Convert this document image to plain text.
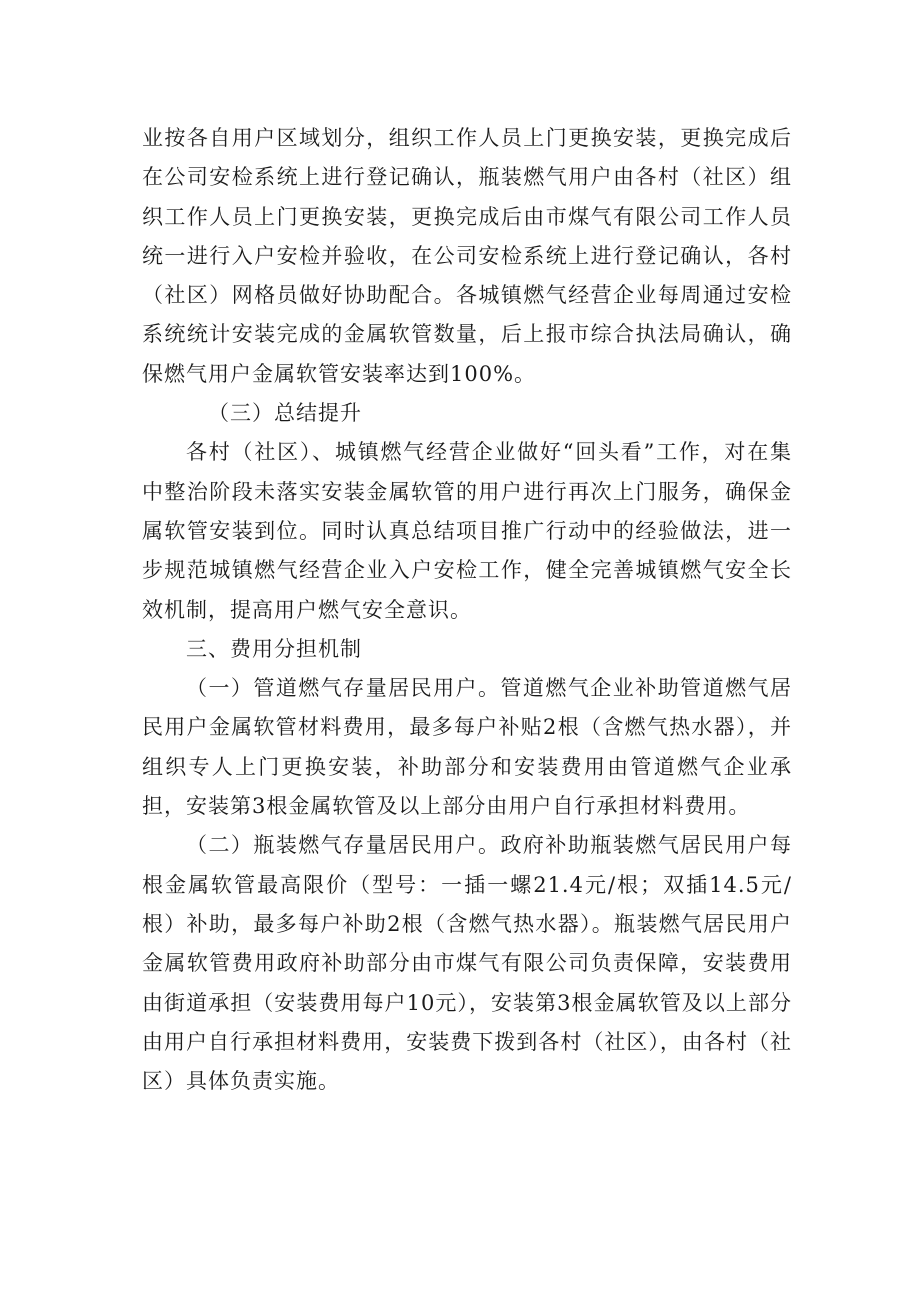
业按各自用户区域划分，组织工作人员上门更换安装，更换完成后在公司安检系统上进行登记确认，瓶装燃气用户由各村（社区）组织工作人员上门更换安装，更换完成后由市煤气有限公司工作人员统一进行入户安检并验收，在公司安检系统上进行登记确认，各村（社区）网格员做好协助配合。各城镇燃气经营企业每周通过安检系统统计安装完成的金属软管数量，后上报市综合执法局确认，确保燃气用户金属软管安装率达到100%。

（三）总结提升

各村（社区）、城镇燃气经营企业做好“回头看”工作，对在集中整治阶段未落实安装金属软管的用户进行再次上门服务，确保金属软管安装到位。同时认真总结项目推广行动中的经验做法，进一步规范城镇燃气经营企业入户安检工作，健全完善城镇燃气安全长效机制，提高用户燃气安全意识。

三、费用分担机制

（一）管道燃气存量居民用户。管道燃气企业补助管道燃气居民用户金属软管材料费用，最多每户补贴2根（含燃气热水器），并组织专人上门更换安装，补助部分和安装费用由管道燃气企业承担，安装第3根金属软管及以上部分由用户自行承担材料费用。

（二）瓶装燃气存量居民用户。政府补助瓶装燃气居民用户每根金属软管最高限价（型号：一插一螺21.4元/根；双插14.5元/根）补助，最多每户补助2根（含燃气热水器）。瓶装燃气居民用户金属软管费用政府补助部分由市煤气有限公司负责保障，安装费用由街道承担（安装费用每户10元），安装第3根金属软管及以上部分由用户自行承担材料费用，安装费下拨到各村（社区），由各村（社区）具体负责实施。
